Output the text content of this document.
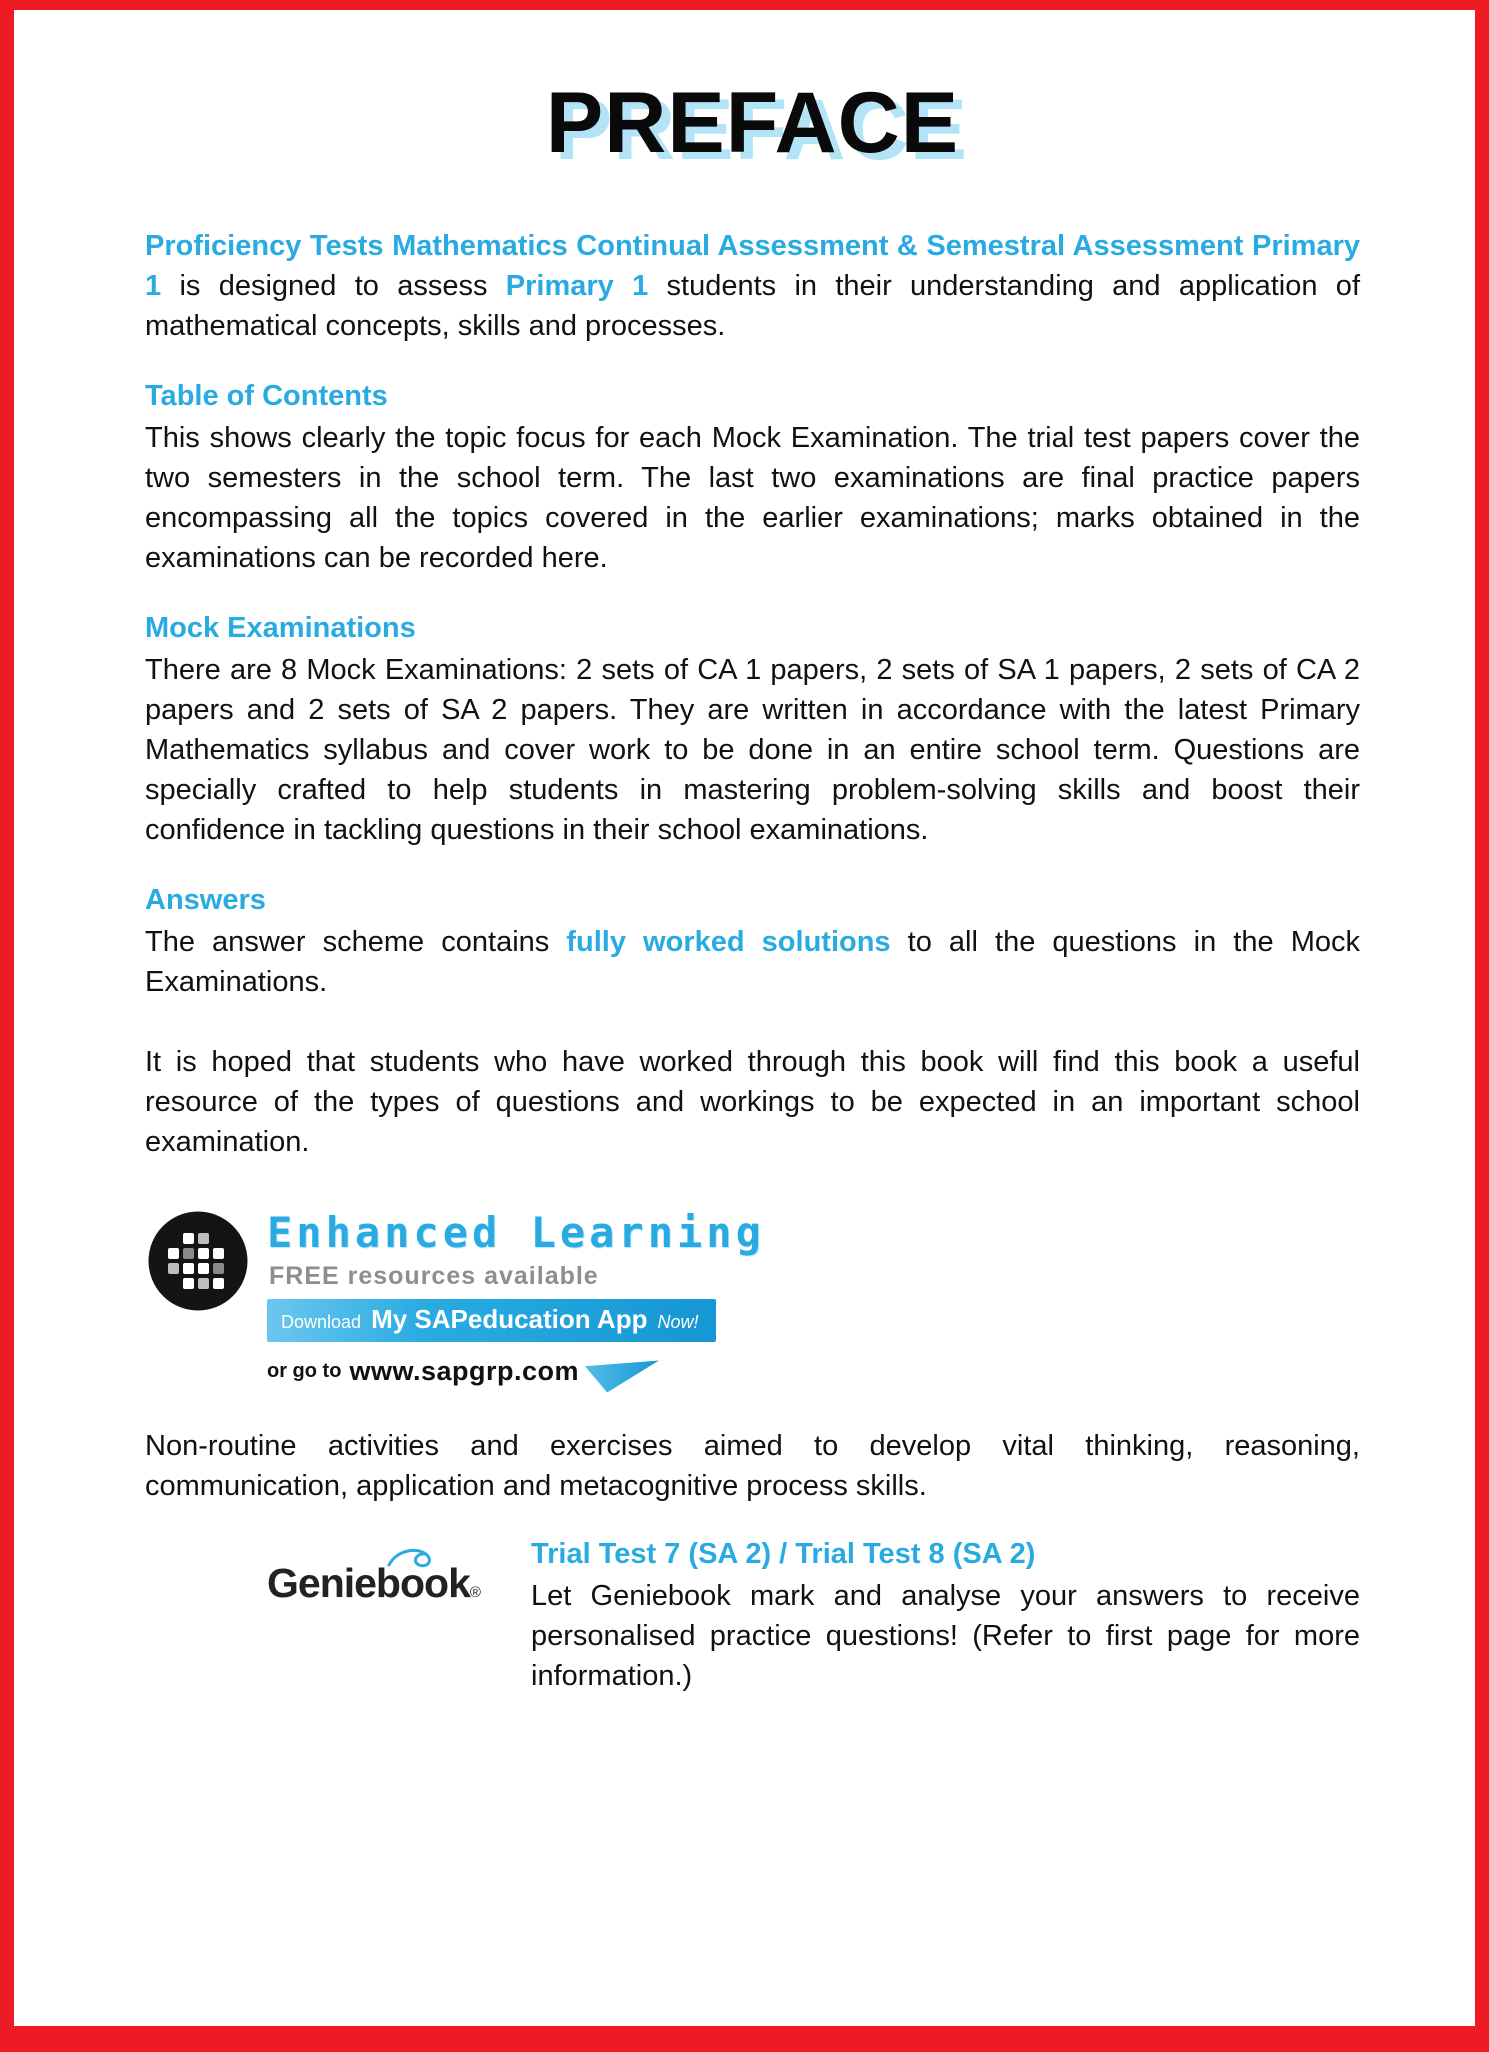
PREFACE

Proficiency Tests Mathematics Continual Assessment & Semestral Assessment Primary 1 is designed to assess Primary 1 students in their understanding and application of mathematical concepts, skills and processes.

Table of Contents

This shows clearly the topic focus for each Mock Examination. The trial test papers cover the two semesters in the school term. The last two examinations are final practice papers encompassing all the topics covered in the earlier examinations; marks obtained in the examinations can be recorded here.

Mock Examinations

There are 8 Mock Examinations: 2 sets of CA 1 papers, 2 sets of SA 1 papers, 2 sets of CA 2 papers and 2 sets of SA 2 papers. They are written in accordance with the latest Primary Mathematics syllabus and cover work to be done in an entire school term. Questions are specially crafted to help students in mastering problem-solving skills and boost their confidence in tackling questions in their school examinations.

Answers

The answer scheme contains fully worked solutions to all the questions in the Mock Examinations.

It is hoped that students who have worked through this book will find this book a useful resource of the types of questions and workings to be expected in an important school examination.

Enhanced Learning
FREE resources available
Download My SAPeducation App Now!
or go to www.sapgrp.com

Non-routine activities and exercises aimed to develop vital thinking, reasoning, communication, application and metacognitive process skills.

Geniebook®
Trial Test 7 (SA 2) / Trial Test 8 (SA 2)

Let Geniebook mark and analyse your answers to receive personalised practice questions! (Refer to first page for more information.)
